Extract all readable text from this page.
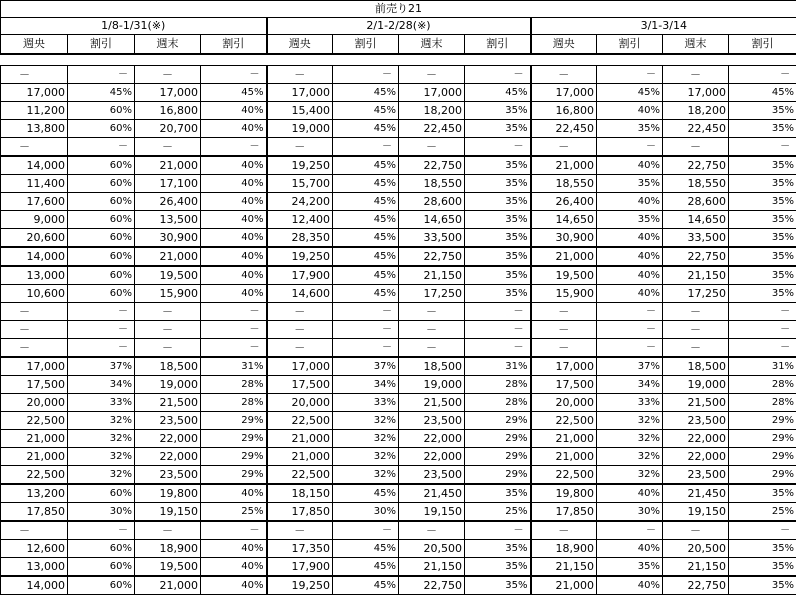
前売り21											
1/8-1/31(※)				2/1-2/28(※)				3/1-3/14			
週央	割引	週末	割引	週央	割引	週末	割引	週央	割引	週末	割引

－	－	－	－	－	－	－	－	－	－	－	－
17,000	45%	17,000	45%	17,000	45%	17,000	45%	17,000	45%	17,000	45%
11,200	60%	16,800	40%	15,400	45%	18,200	35%	16,800	40%	18,200	35%
13,800	60%	20,700	40%	19,000	45%	22,450	35%	22,450	35%	22,450	35%
－	－	－	－	－	－	－	－	－	－	－	－
14,000	60%	21,000	40%	19,250	45%	22,750	35%	21,000	40%	22,750	35%
11,400	60%	17,100	40%	15,700	45%	18,550	35%	18,550	35%	18,550	35%
17,600	60%	26,400	40%	24,200	45%	28,600	35%	26,400	40%	28,600	35%
9,000	60%	13,500	40%	12,400	45%	14,650	35%	14,650	35%	14,650	35%
20,600	60%	30,900	40%	28,350	45%	33,500	35%	30,900	40%	33,500	35%
14,000	60%	21,000	40%	19,250	45%	22,750	35%	21,000	40%	22,750	35%
13,000	60%	19,500	40%	17,900	45%	21,150	35%	19,500	40%	21,150	35%
10,600	60%	15,900	40%	14,600	45%	17,250	35%	15,900	40%	17,250	35%
－	－	－	－	－	－	－	－	－	－	－	－
－	－	－	－	－	－	－	－	－	－	－	－
－	－	－	－	－	－	－	－	－	－	－	－
17,000	37%	18,500	31%	17,000	37%	18,500	31%	17,000	37%	18,500	31%
17,500	34%	19,000	28%	17,500	34%	19,000	28%	17,500	34%	19,000	28%
20,000	33%	21,500	28%	20,000	33%	21,500	28%	20,000	33%	21,500	28%
22,500	32%	23,500	29%	22,500	32%	23,500	29%	22,500	32%	23,500	29%
21,000	32%	22,000	29%	21,000	32%	22,000	29%	21,000	32%	22,000	29%
21,000	32%	22,000	29%	21,000	32%	22,000	29%	21,000	32%	22,000	29%
22,500	32%	23,500	29%	22,500	32%	23,500	29%	22,500	32%	23,500	29%
13,200	60%	19,800	40%	18,150	45%	21,450	35%	19,800	40%	21,450	35%
17,850	30%	19,150	25%	17,850	30%	19,150	25%	17,850	30%	19,150	25%
－	－	－	－	－	－	－	－	－	－	－	－
12,600	60%	18,900	40%	17,350	45%	20,500	35%	18,900	40%	20,500	35%
13,000	60%	19,500	40%	17,900	45%	21,150	35%	21,150	35%	21,150	35%
14,000	60%	21,000	40%	19,250	45%	22,750	35%	21,000	40%	22,750	35%
